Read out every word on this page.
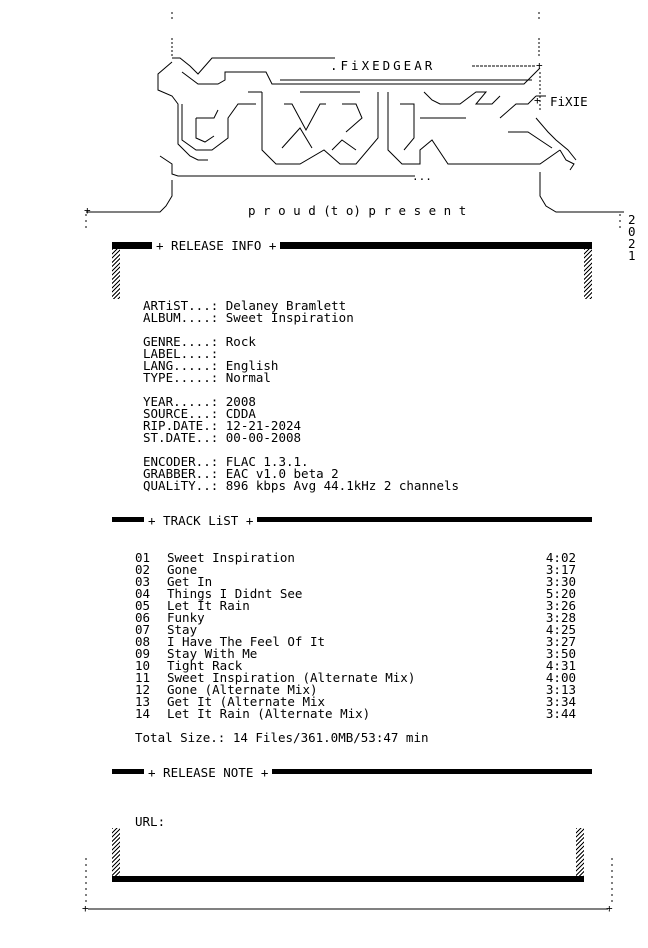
+
+
+
...
.FiXEDGEAR
FiXIE
p r o u d (t o) p r e s e n t
2
0
2
1
+ RELEASE INFO +
ARTiST...: Delaney Bramlett
ALBUM....: Sweet Inspiration
GENRE....: Rock
LABEL....:
LANG.....: English
TYPE.....: Normal
YEAR.....: 2008
SOURCE...: CDDA
RIP.DATE.: 12-21-2024
ST.DATE..: 00-00-2008
ENCODER..: FLAC 1.3.1.
GRABBER..: EAC v1.0 beta 2
QUALiTY..: 896 kbps Avg 44.1kHz 2 channels
+ TRACK LiST +
01 Sweet Inspiration	4:02
02 Gone	3:17
03 Get In	3:30
04 Things I Didnt See	5:20
05 Let It Rain	3:26
06 Funky	3:28
07 Stay	4:25
08 I Have The Feel Of It	3:27
09 Stay With Me	3:50
10 Tight Rack	4:31
11 Sweet Inspiration (Alternate Mix)	4:00
12 Gone (Alternate Mix)	3:13
13 Get It (Alternate Mix	3:34
14 Let It Rain (Alternate Mix)	3:44
Total Size.: 14 Files/361.0MB/53:47 min
+ RELEASE NOTE +
URL:
+	+
